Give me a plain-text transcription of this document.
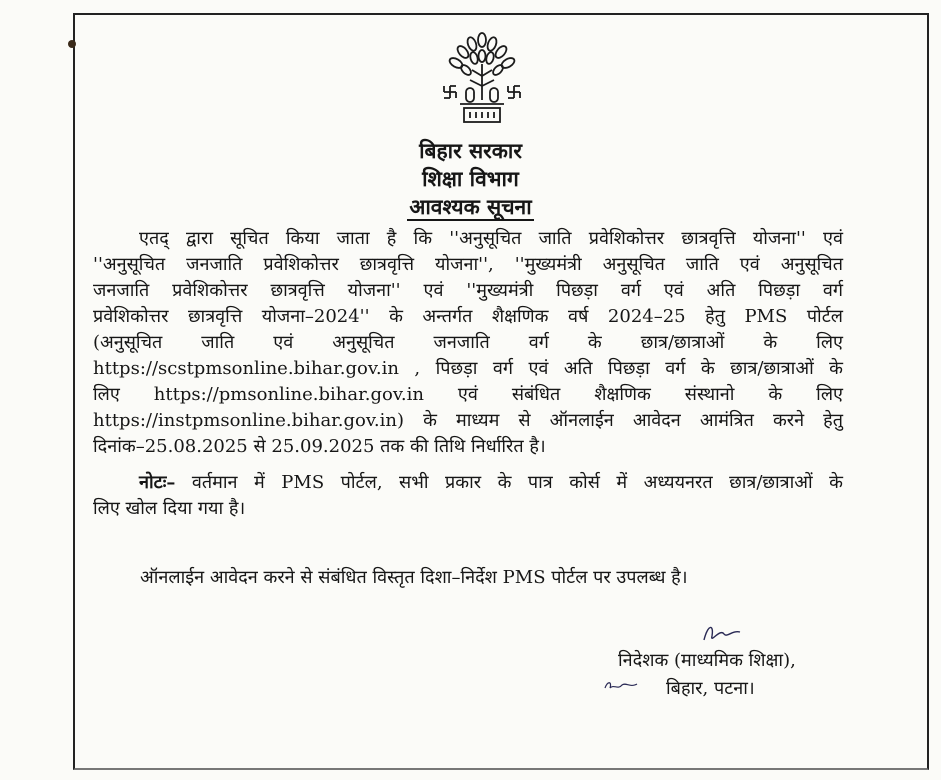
बिहार सरकार
शिक्षा विभाग
आवश्यक सूचना
एतद् द्वारा सूचित किया जाता है कि ''अनुसूचित जाति प्रवेशिकोत्तर छात्रवृत्ति योजना'' एवं
''अनुसूचित जनजाति प्रवेशिकोत्तर छात्रवृत्ति योजना'', ''मुख्यमंत्री अनुसूचित जाति एवं अनुसूचित
जनजाति प्रवेशिकोत्तर छात्रवृत्ति योजना'' एवं ''मुख्यमंत्री पिछड़ा वर्ग एवं अति पिछड़ा वर्ग
प्रवेशिकोत्तर छात्रवृत्ति योजना–2024'' के अन्तर्गत शैक्षणिक वर्ष 2024–25 हेतु PMS पोर्टल
(अनुसूचित जाति एवं अनुसूचित जनजाति वर्ग के छात्र/छात्राओं के लिए
https://scstpmsonline.bihar.gov.in , पिछड़ा वर्ग एवं अति पिछड़ा वर्ग के छात्र/छात्राओं के
लिए https://pmsonline.bihar.gov.in एवं संबंधित शैक्षणिक संस्थानो के लिए
https://instpmsonline.bihar.gov.in) के माध्यम से ऑनलाईन आवेदन आमंत्रित करने हेतु
दिनांक–25.08.2025 से 25.09.2025 तक की तिथि निर्धारित है।
नोटः– वर्तमान में PMS पोर्टल, सभी प्रकार के पात्र कोर्स में अध्ययनरत छात्र/छात्राओं के
लिए खोल दिया गया है।
ऑनलाईन आवेदन करने से संबंधित विस्तृत दिशा–निर्देश PMS पोर्टल पर उपलब्ध है।
निदेशक (माध्यमिक शिक्षा),
बिहार, पटना।
